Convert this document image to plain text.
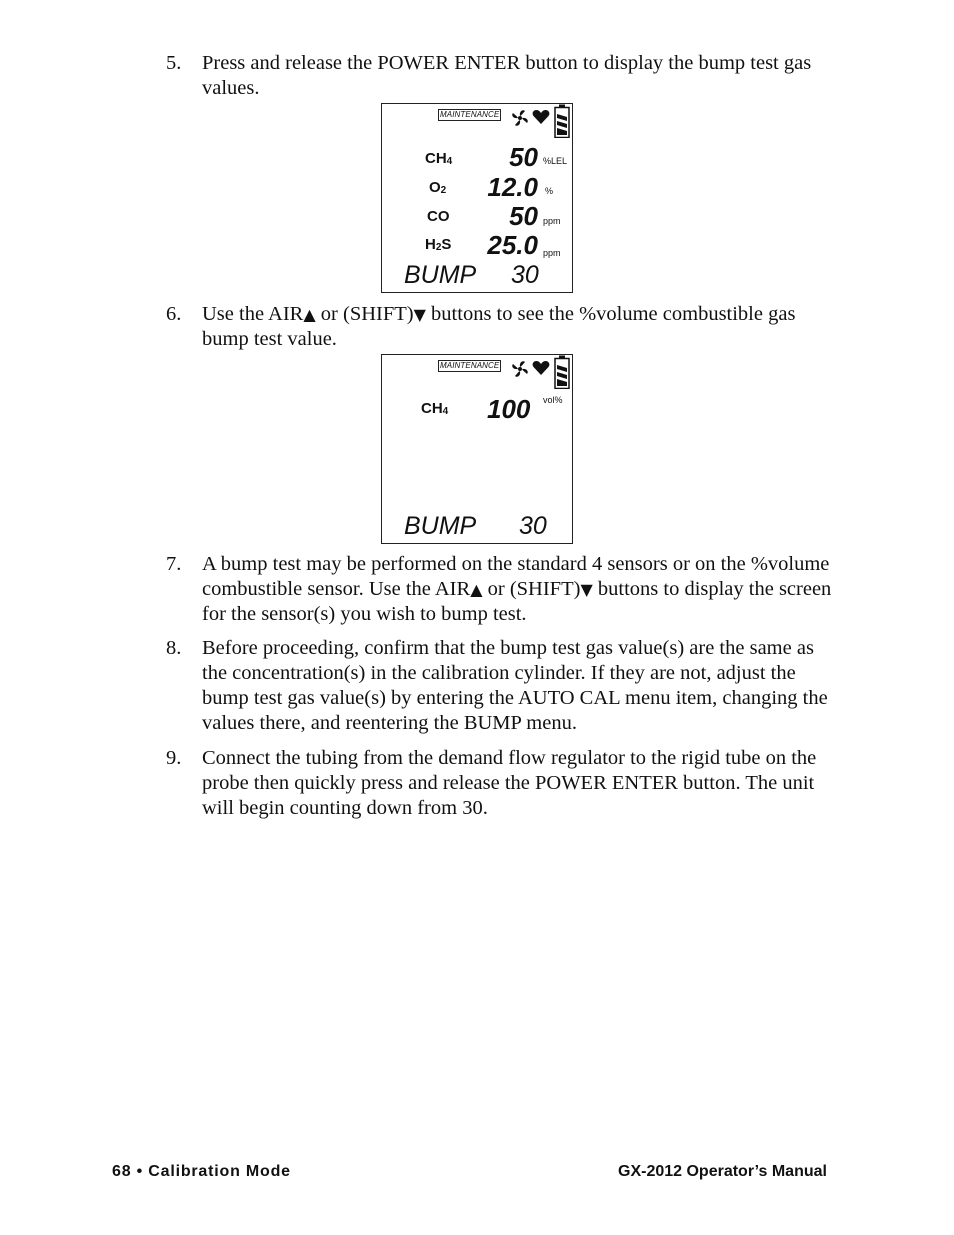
5. Press and release the POWER ENTER button to display the bump test gas values.
MAINTENANCE
$CH_4$	50 %LEL
$O_2$	12.0 %
CO	50 ppm
$H_2S$	25.0 ppm
BUMP 30
6. Use the AIR▲ or (SHIFT)▼ buttons to see the %volume combustible gas bump test value.
MAINTENANCE
$CH_4$	100 vol%
BUMP 30
7. A bump test may be performed on the standard 4 sensors or on the %volume combustible sensor. Use the AIR▲ or (SHIFT)▼ buttons to display the screen for the sensor(s) you wish to bump test.
8. Before proceeding, confirm that the bump test gas value(s) are the same as the concentration(s) in the calibration cylinder. If they are not, adjust the bump test gas value(s) by entering the AUTO CAL menu item, changing the values there, and reentering the BUMP menu.
9. Connect the tubing from the demand flow regulator to the rigid tube on the probe then quickly press and release the POWER ENTER button. The unit will begin counting down from 30.
68 • Calibration Mode	GX-2012 Operator’s Manual
